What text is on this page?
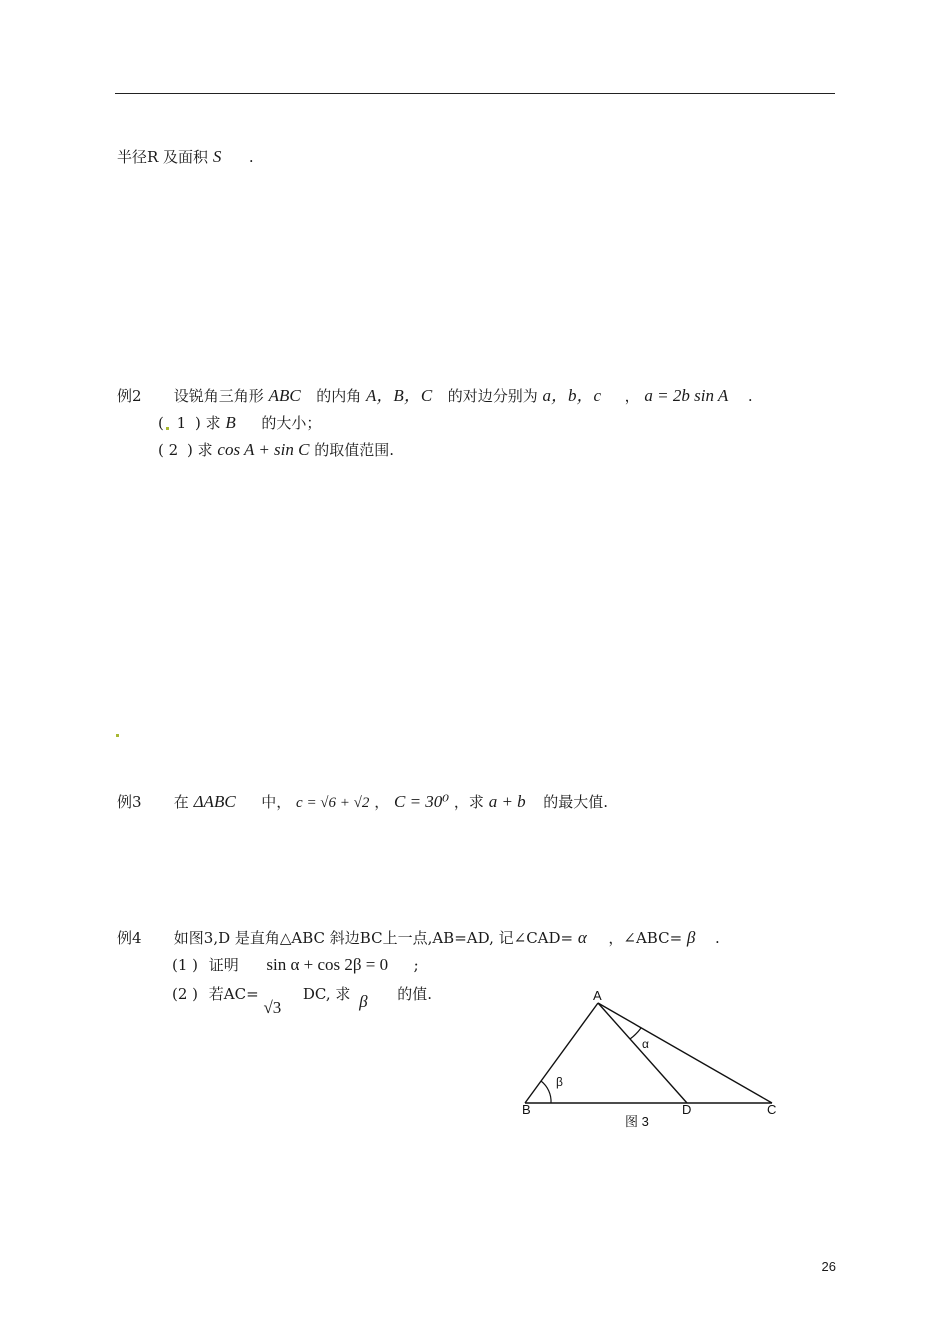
半径R 及面积 S .
例2 设锐角三角形 ABC 的内角 A，B，C 的对边分别为 a，b，c ， a = 2b sin A .
( 1 ) 求 B 的大小；
( 2 ) 求 cos A + sin C 的取值范围.
例3 在 ΔABC 中， c = √6 + √2 ， C = 30⁰ ，求 a + b 的最大值.
例4 如图3,D 是直角△ABC 斜边BC上一点,AB=AD, 记∠CAD= α ，∠ABC= β .
(1 ) 证明 sin α + cos 2β = 0 ;
(2 ) 若AC= √3  DC, 求 β 的值.	A
B	D	C
α
β
图 3
26
